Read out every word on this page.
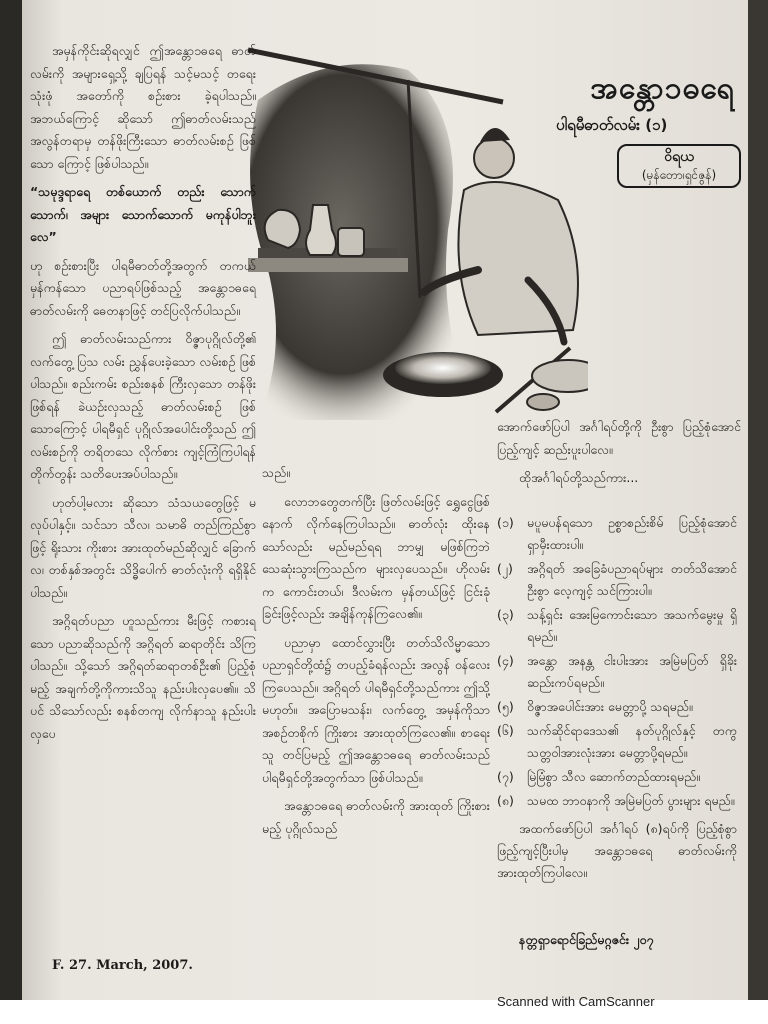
အန္တော၁ဓရေ
ပါရမီဓာတ်လမ်း (၁)
ဝိရယ
(မှန်တော၊ရှင်ဇွန်)

အမှန်ကိုင်းဆိုရလျှင် ဤအန္တော၁ဓရေ ဓာတ်လမ်းကို အများရှေ့သို့ ချပြရန် သင့်မသင့် တရေးသုံးဖုံ အတော်ကို စဉ်းစား ခဲ့ရပါသည်။ အဘယ်ကြောင့် ဆိုသော် ဤဓာတ်လမ်းသည် အလွန်တရာမှ တန်ဖိုးကြီးသော ဓာတ်လမ်းစဉ် ဖြစ်သော ကြောင့် ဖြစ်ပါသည်။

“သမုဒ္ဒရာရေ တစ်ယောက် တည်း သောက်သောက်၊ အများ သောက်သောက် မကုန်ပါဘူးလေ”

ဟု စဉ်းစားပြီး ပါရမီဓာတ်တို့အတွက် တကယ် မှန်ကန်သော ပညာရပ်ဖြစ်သည့် အန္တော၁ဓရေ ဓာတ်လမ်းကို ဓေတနာဖြင့် တင်ပြလိုက်ပါသည်။

ဤ ဓာတ်လမ်းသည်ကား ဝိဇ္ဇာပုဂ္ဂိုလ်တို့၏ လက်တွေ့ ပြသ လမ်း ညွှန်ပေးခဲ့သော လမ်းစဉ် ဖြစ်ပါသည်။ စည်းကမ်း စည်းစနစ် ကြီးလှသော တန်ဖိုးဖြစ်ရန် ခဲယဉ်းလှသည့် ဓာတ်လမ်းစဉ် ဖြစ်သောကြောင့် ပါရမီရှင် ပုဂ္ဂိုလ်အပေါင်းတို့သည် ဤလမ်းစဉ်ကို တရိတသေ လိုက်စား ကျင့်ကြံကြပါရန် တိုက်တွန်း သတိပေးအပ်ပါသည်။

ဟုတ်ပါ့မလား ဆိုသော သံသယတွေဖြင့် မလုပ်ပါနှင့်။ သင်သာ သီလ၊ သမာဓိ တည်ကြည်စွာဖြင့် ရိုးသား ကိုးစား အားထုတ်မည်ဆိုလျှင် ခြောက်လ၊ တစ်နှစ်အတွင်း သိဒ္ဓိပေါက် ဓာတ်လုံးကို ရရှိနိုင်ပါသည်။

အဂ္ဂိရတ်ပညာ ဟူသည်ကား မီးဖြင့် ကစားရသော ပညာဆိုသည်ကို အဂ္ဂိရတ် ဆရာတိုင်း သိကြပါသည်။ သို့သော် အဂ္ဂိရတ်ဆရာတစ်ဦး၏ ပြည့်စုံမည့် အချက်တို့ကိုကားသိသူ နည်းပါးလှပေ၏။ သိပင် သိသော်လည်း စနစ်တကျ လိုက်နာသူ နည်းပါးလှပေ

သည်။

လောဘတွေတက်ပြီး ဖြတ်လမ်းဖြင့် ရွှေငွေဖြစ်နောက် လိုက်နေကြပါသည်။ ဓာတ်လုံး ထိုးနေသော်လည်း မည်မည်ရရ ဘာမျှ မဖြစ်ကြဘဲ သေဆုံးသွားကြသည်က များလှပေသည်။ ဟိုလမ်းက ကောင်းတယ်၊ ဒီလမ်းက မှန်တယ်ဖြင့် ငြင်းခုံခြင်းဖြင့်လည်း အချိန်ကုန်ကြလေ၏။

ပညာမှာ ထောင်လွှားပြီး တတ်သိလိမ္မာသော ပညာရှင်တို့ထံ၌ တပည့်ခံရန်လည်း အလွန် ဝန်လေးကြပေသည်။ အဂ္ဂိရတ် ပါရမီရှင်တို့သည်ကား ဤသို့မဟုတ်။ အပြောမသန်း၊ လက်တွေ့ အမှန်ကိုသာ အစဉ်တစိုက် ကြိုးစား အားထုတ်ကြလေ၏။ စာရေးသူ တင်ပြမည့် ဤအန္တော၁ဓရေ ဓာတ်လမ်းသည် ပါရမီရှင်တို့အတွက်သာ ဖြစ်ပါသည်။

အန္တော၁ဓရေ ဓာတ်လမ်းကို အားထုတ် ကြိုးစားမည့် ပုဂ္ဂိုလ်သည်

အောက်ဖော်ပြပါ အင်္ဂါရပ်တို့ကို ဦးစွာ ပြည့်စုံအောင် ပြည့်ကျင့် ဆည်းပူးပါလေ။

ထိုအင်္ဂါရပ်တို့သည်ကား...

(၁)	မပူမပန်ရသော ဥစ္စာစည်းစိမ် ပြည့်စုံအောင် ရှာမှီးထားပါ။
(၂)	အဂ္ဂိရတ် အခြေခံပညာရပ်များ တတ်သိအောင် ဦးစွာ လေ့ကျင့် သင်ကြားပါ။
(၃)	သန့်ရှင်း အေးမြကောင်းသော အသက်မွေးမှု ရှိရမည်။
(၄)	အန္တော အနန္တ ငါးပါးအား အမြဲမပြတ် ရှိခိုး ဆည်းကပ်ရမည်။
(၅)	ဝိဇ္ဇာအပေါင်းအား မေတ္တာပို့ သရမည်။
(၆)	သက်ဆိုင်ရာဒေသ၏ နတ်ပုဂ္ဂိုလ်နှင့် တကွ သတ္တဝါအားလုံးအား မေတ္တာပို့ရမည်။
(၇)	မြဲမြံစွာ သီလ ဆောက်တည်ထားရမည်။
(၈)	သမထ ဘာဝနာကို အမြဲမပြတ် ပွားများ ရမည်။

အထက်ဖော်ပြပါ အင်္ဂါရပ် (၈)ရပ်ကို ပြည့်စုံစွာ ဖြည့်ကျင့်ပြီးပါမှ အန္တော၁ဓရေ ဓာတ်လမ်းကို အားထုတ်ကြပါလေ။

F. 27. March, 2007.
နတ္တရှာရောင်ခြည်မဂ္ဂဇင်း ၂၀၇
Scanned with CamScanner
